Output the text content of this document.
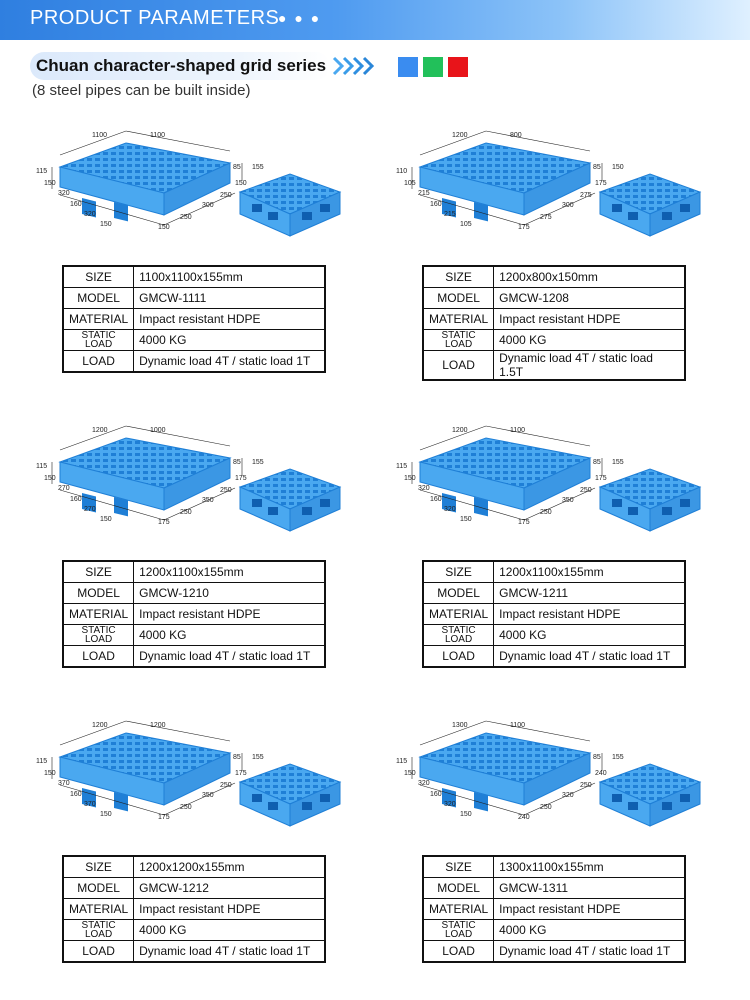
PRODUCT PARAMETERS
● ● ●
Chuan character-shaped grid series
(8 steel pipes can be built inside)
1100	1100
115
150
320
160
320
150
85 155
150
250
300
250
150
SIZE	1100x1100x155mm
MODEL	GMCW-1111
MATERIAL	Impact resistant HDPE
STATIC
LOAD	4000 KG
LOAD	Dynamic load 4T / static load 1T
1200	800
110
105
215
160
215
105
85 150
175
275
300
275
175
SIZE	1200x800x150mm
MODEL	GMCW-1208
MATERIAL	Impact resistant HDPE
STATIC
LOAD	4000 KG
LOAD	Dynamic load 4T / static load 1.5T
1200	1000
115
150
270
160
270
150
85 155
175
250
350
250
175
SIZE	1200x1100x155mm
MODEL	GMCW-1210
MATERIAL	Impact resistant HDPE
STATIC
LOAD	4000 KG
LOAD	Dynamic load 4T / static load 1T
1200	1100
115
150
320
160
320
150
85 155
175
250
350
250
175
SIZE	1200x1100x155mm
MODEL	GMCW-1211
MATERIAL	Impact resistant HDPE
STATIC
LOAD	4000 KG
LOAD	Dynamic load 4T / static load 1T
1200	1200
115
150
370
160
370
150
85 155
175
250
350
250
175
SIZE	1200x1200x155mm
MODEL	GMCW-1212
MATERIAL	Impact resistant HDPE
STATIC
LOAD	4000 KG
LOAD	Dynamic load 4T / static load 1T
1300	1100
115
150
320
160
320
150
85 155
240
250
320
250
240
SIZE	1300x1100x155mm
MODEL	GMCW-1311
MATERIAL	Impact resistant HDPE
STATIC
LOAD	4000 KG
LOAD	Dynamic load 4T / static load 1T
